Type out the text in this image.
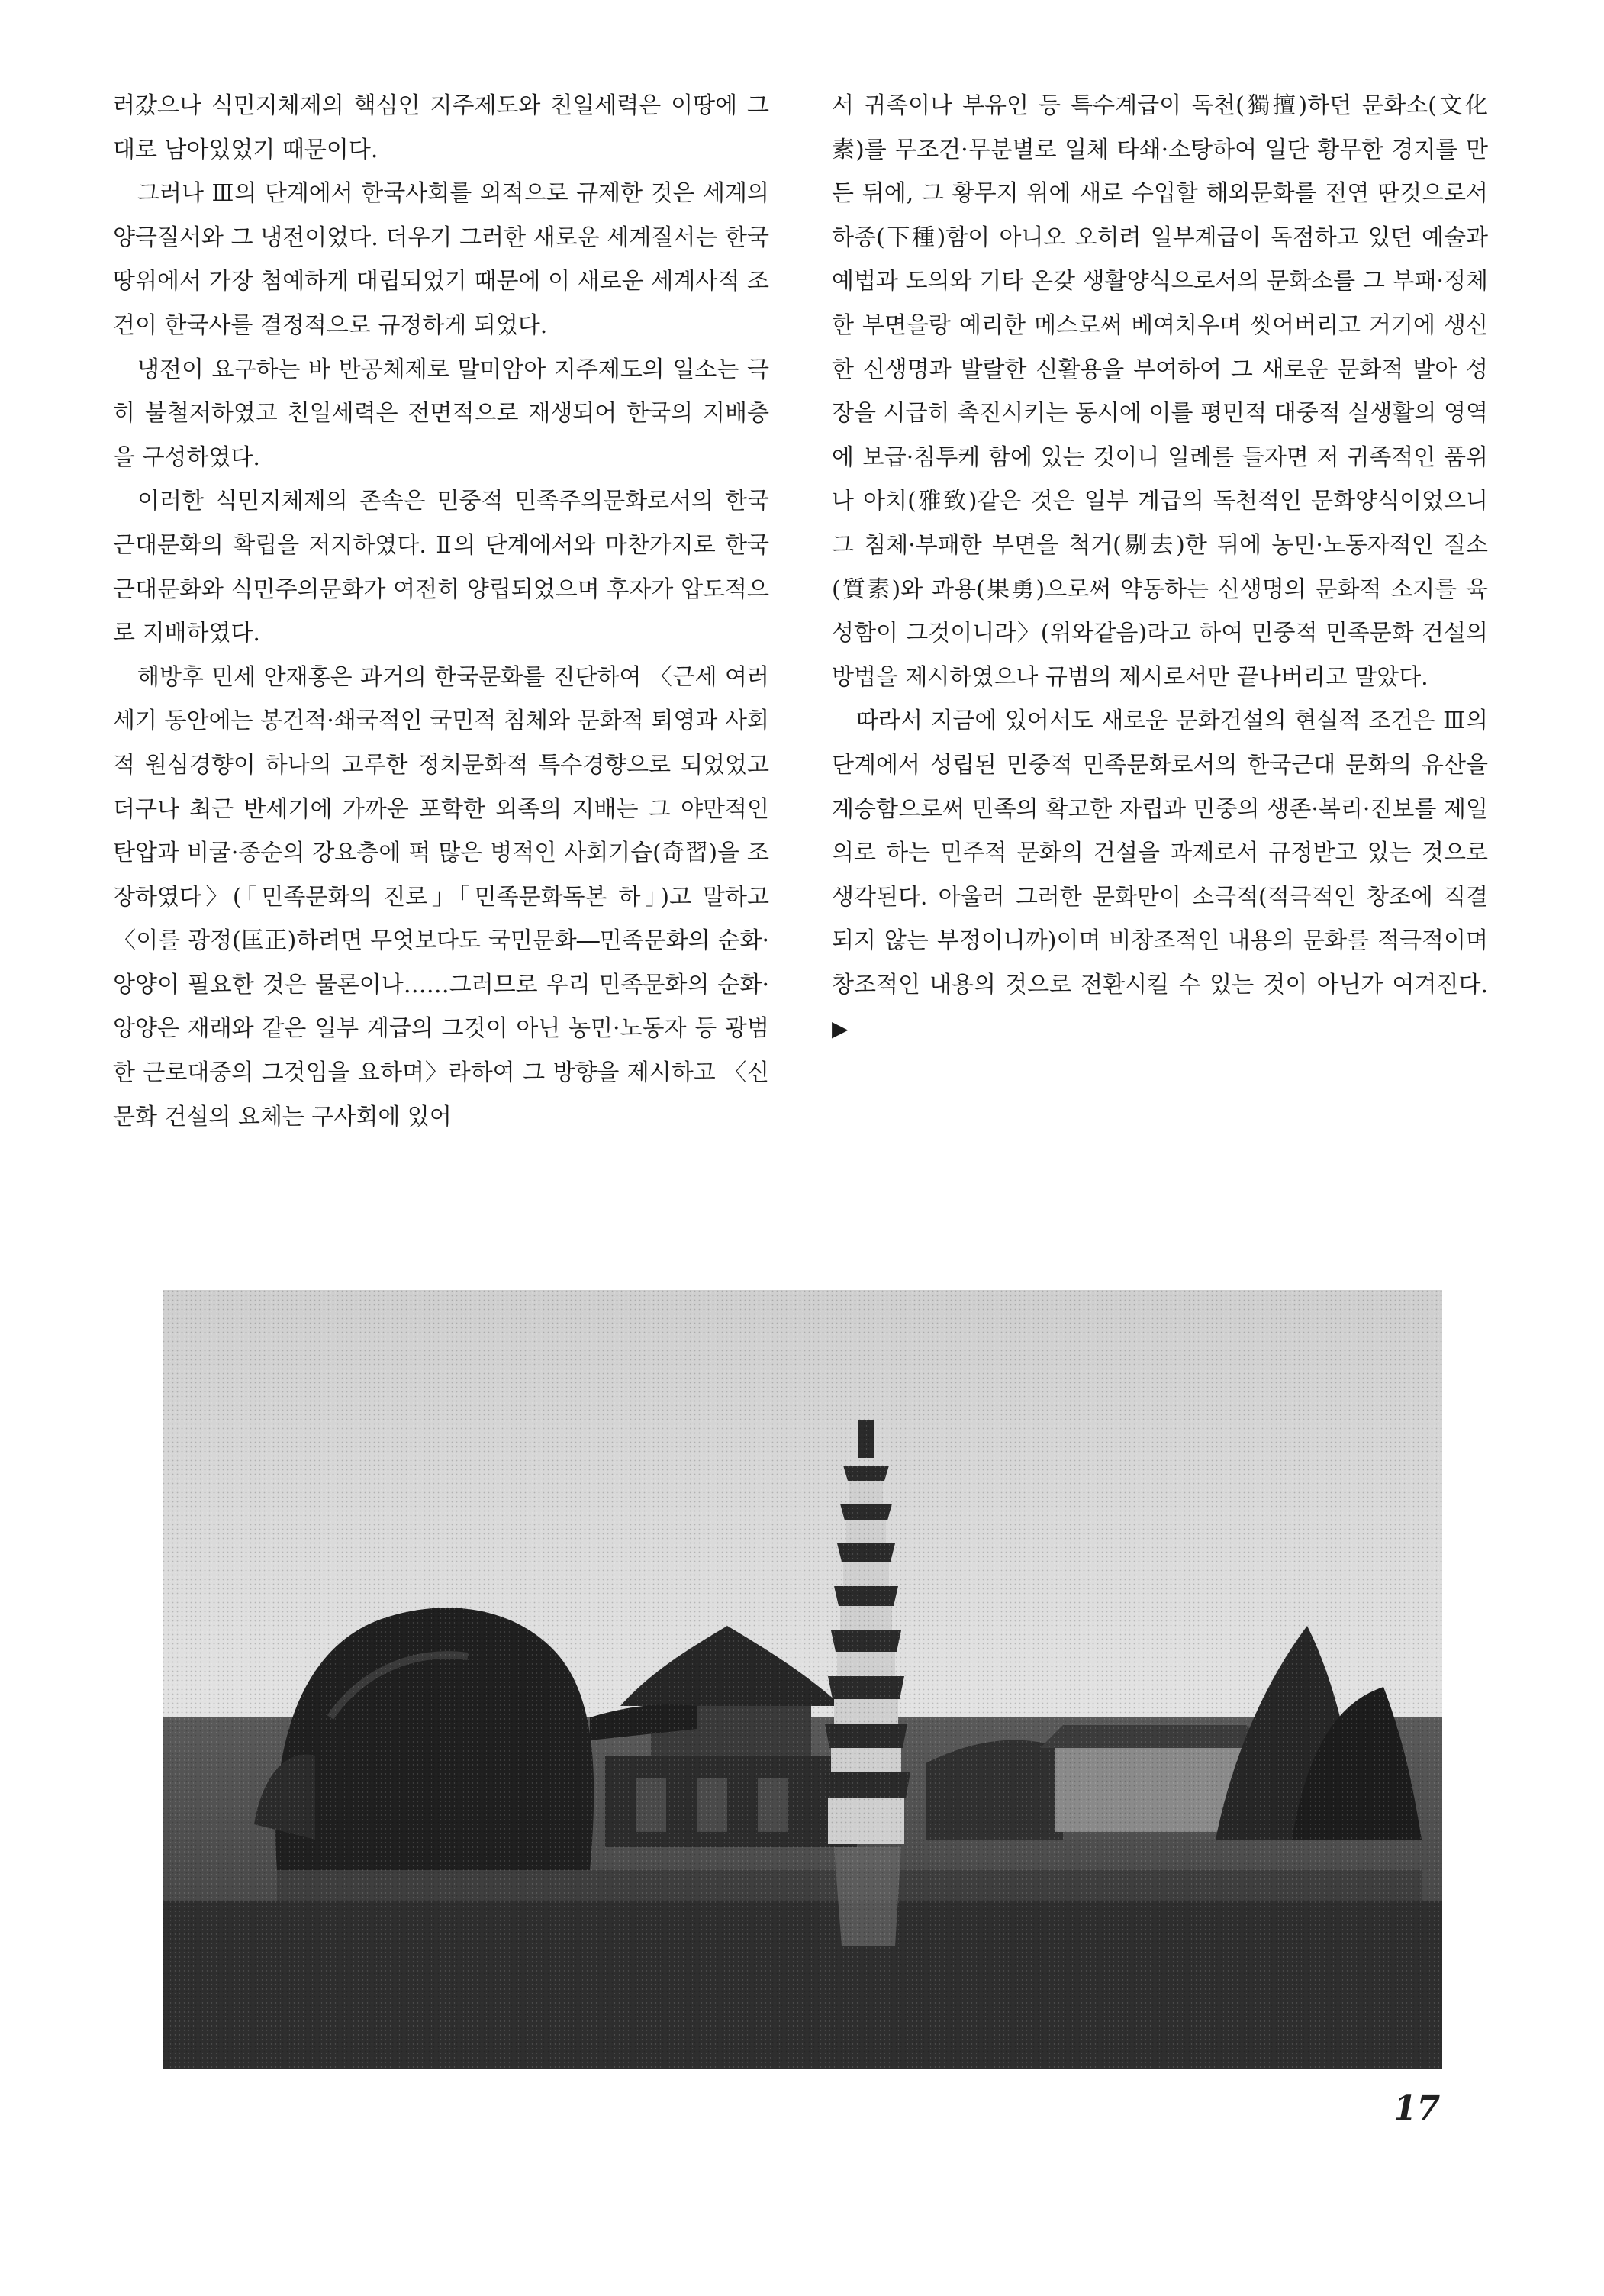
러갔으나 식민지체제의 핵심인 지주제도와 친일세력은 이땅에 그대로 남아있었기 때문이다.

그러나 Ⅲ의 단계에서 한국사회를 외적으로 규제한 것은 세계의 양극질서와 그 냉전이었다. 더우기 그러한 새로운 세계질서는 한국땅위에서 가장 첨예하게 대립되었기 때문에 이 새로운 세계사적 조건이 한국사를 결정적으로 규정하게 되었다.

냉전이 요구하는 바 반공체제로 말미암아 지주제도의 일소는 극히 불철저하였고 친일세력은 전면적으로 재생되어 한국의 지배층을 구성하였다.

이러한 식민지체제의 존속은 민중적 민족주의문화로서의 한국근대문화의 확립을 저지하였다. Ⅱ의 단계에서와 마찬가지로 한국근대문화와 식민주의문화가 여전히 양립되었으며 후자가 압도적으로 지배하였다.

해방후 민세 안재홍은 과거의 한국문화를 진단하여 〈근세 여러 세기 동안에는 봉건적·쇄국적인 국민적 침체와 문화적 퇴영과 사회적 원심경향이 하나의 고루한 정치문화적 특수경향으로 되었었고 더구나 최근 반세기에 가까운 포학한 외족의 지배는 그 야만적인 탄압과 비굴·종순의 강요층에 퍽 많은 병적인 사회기습(奇習)을 조장하였다〉(「민족문화의 진로」「민족문화독본 하」)고 말하고 〈이를 광정(匡正)하려면 무엇보다도 국민문화―민족문화의 순화·앙양이 필요한 것은 물론이나……그러므로 우리 민족문화의 순화·앙양은 재래와 같은 일부 계급의 그것이 아닌 농민·노동자 등 광범한 근로대중의 그것임을 요하며〉라하여 그 방향을 제시하고 〈신문화 건설의 요체는 구사회에 있어

서 귀족이나 부유인 등 특수계급이 독천(獨擅)하던 문화소(文化素)를 무조건·무분별로 일체 타쇄·소탕하여 일단 황무한 경지를 만든 뒤에, 그 황무지 위에 새로 수입할 해외문화를 전연 딴것으로서 하종(下種)함이 아니오 오히려 일부계급이 독점하고 있던 예술과 예법과 도의와 기타 온갖 생활양식으로서의 문화소를 그 부패·정체한 부면을랑 예리한 메스로써 베여치우며 씻어버리고 거기에 생신한 신생명과 발랄한 신활용을 부여하여 그 새로운 문화적 발아 성장을 시급히 촉진시키는 동시에 이를 평민적 대중적 실생활의 영역에 보급·침투케 함에 있는 것이니 일례를 들자면 저 귀족적인 품위나 아치(雅致)같은 것은 일부 계급의 독천적인 문화양식이었으니 그 침체·부패한 부면을 척거(剔去)한 뒤에 농민·노동자적인 질소(質素)와 과용(果勇)으로써 약동하는 신생명의 문화적 소지를 육성함이 그것이니라〉(위와같음)라고 하여 민중적 민족문화 건설의 방법을 제시하였으나 규범의 제시로서만 끝나버리고 말았다.

따라서 지금에 있어서도 새로운 문화건설의 현실적 조건은 Ⅲ의 단계에서 성립된 민중적 민족문화로서의 한국근대 문화의 유산을 계승함으로써 민족의 확고한 자립과 민중의 생존·복리·진보를 제일의로 하는 민주적 문화의 건설을 과제로서 규정받고 있는 것으로 생각된다. 아울러 그러한 문화만이 소극적(적극적인 창조에 직결되지 않는 부정이니까)이며 비창조적인 내용의 문화를 적극적이며 창조적인 내용의 것으로 전환시킬 수 있는 것이 아닌가 여겨진다. ▶

17
